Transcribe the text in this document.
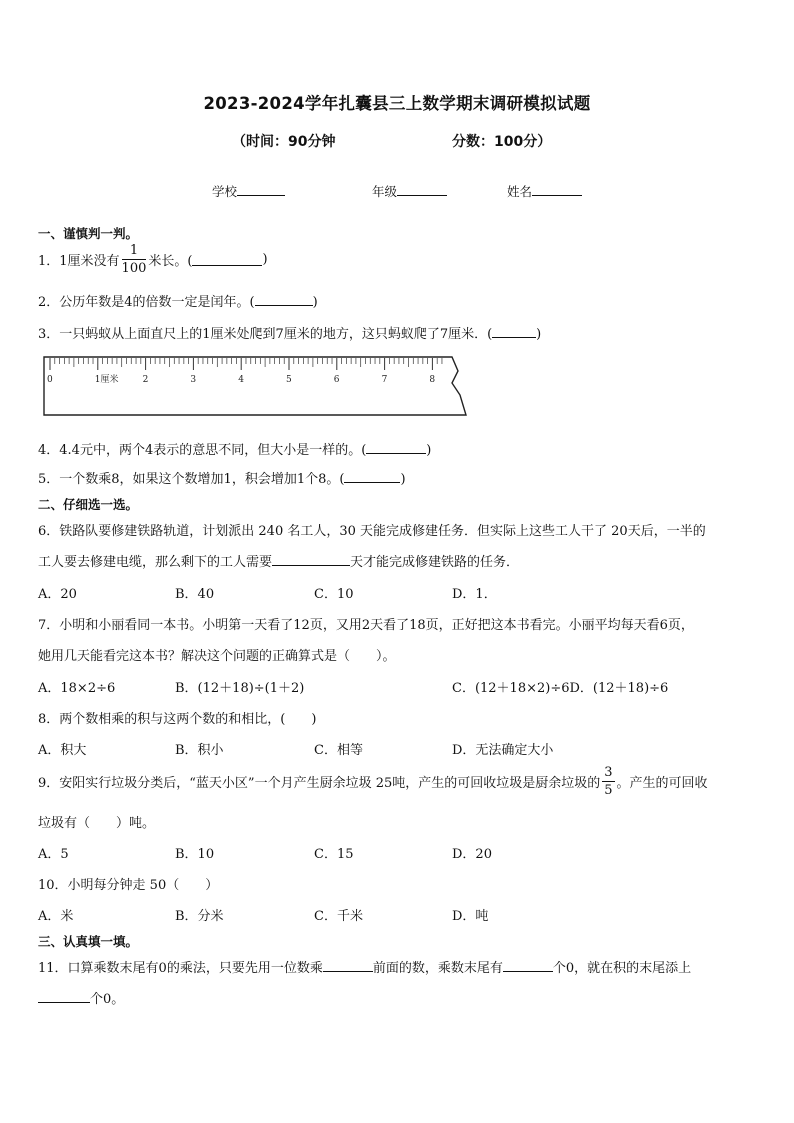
2023-2024学年扎囊县三上数学期末调研模拟试题
（时间：90分钟	分数：100分）
学校	年级	姓名
一、谨慎判一判。
1．1厘米没有 $\frac{1}{100}$ 米长。(	)
2．公历年数是4的倍数一定是闰年。(	)
3．一只蚂蚁从上面直尺上的1厘米处爬到7厘米的地方，这只蚂蚁爬了7厘米．(	)
0	1厘米	2	3	4	5	6	7	8
4．4.4元中，两个4表示的意思不同，但大小是一样的。(	)
5．一个数乘8，如果这个数增加1，积会增加1个8。(	)
二、仔细选一选。
6．铁路队要修建铁路轨道，计划派出 240 名工人，30 天能完成修建任务．但实际上这些工人干了 20天后，一半的
工人要去修建电缆，那么剩下的工人需要	天才能完成修建铁路的任务．
A．20	B．40	C．10	D．1．
7．小明和小丽看同一本书。小明第一天看了12页，又用2天看了18页，正好把这本书看完。小丽平均每天看6页，
她用几天能看完这本书？解决这个问题的正确算式是（　　）。
A．18×2÷6	B．(12＋18)÷(1＋2)	C．(12＋18×2)÷6D．(12＋18)÷6
8．两个数相乘的积与这两个数的和相比，(　　)
A．积大	B．积小	C．相等	D．无法确定大小
9．安阳实行垃圾分类后，“蓝天小区”一个月产生厨余垃圾 25吨，产生的可回收垃圾是厨余垃圾的 $\frac{3}{5}$ 。产生的可回收
垃圾有（　　）吨。
A．5	B．10	C．15	D．20
10．小明每分钟走 50（　　）
A．米	B．分米	C．千米	D．吨
三、认真填一填。
11．口算乘数末尾有0的乘法，只要先用一位数乘	前面的数，乘数末尾有	个0，就在积的末尾添上
个0。
